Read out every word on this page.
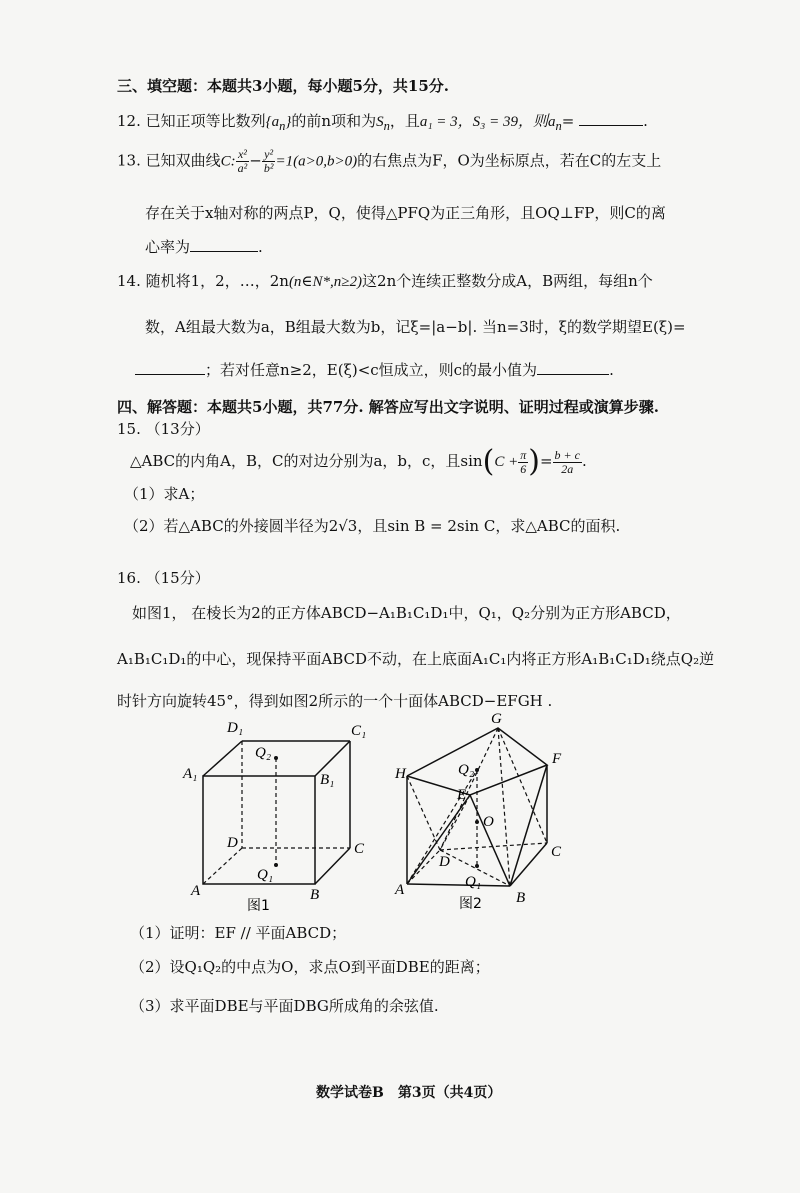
三、填空题：本题共3小题，每小题5分，共15分.
12. 已知正项等比数列$\{a_n\}$的前n项和为$S_n$，且a₁ = 3，S₃ = 39，则$a_n=$	.
13. 已知双曲线C: $\frac{\text{x²}}{\text{a²}} - \frac{\text{y²}}{\text{b²}} =1(a>0,b>0)$的右焦点为F，O为坐标原点，若在C的左支上
存在关于x轴对称的两点P，Q，使得△PFQ为正三角形，且OQ⊥FP，则C的离
心率为	.
14. 随机将1，2，…，2n(n∈N*,n≥2)这2n个连续正整数分成A，B两组，每组n个
数，A组最大数为a，B组最大数为b，记ξ=|a−b|. 当n=3时，ξ的数学期望E(ξ)=
；若对任意n≥2，E(ξ)<c恒成立，则c的最小值为	.
四、解答题：本题共5小题，共77分. 解答应写出文字说明、证明过程或演算步骤.
15. （13分）
△ABC的内角A，B，C的对边分别为a，b，c，且$\sin(C + \frac{\pi}{6}$ )= $\frac{b + c}{2a}$ .
（1）求A；
（2）若△ABC的外接圆半径为2√3，且sin B = 2sin C，求△ABC的面积.
16. （15分）
如图1， 在棱长为2的正方体ABCD−A₁B₁C₁D₁中，Q₁，Q₂分别为正方形ABCD，
A₁B₁C₁D₁的中心，现保持平面ABCD不动，在上底面A₁C₁内将正方形A₁B₁C₁D₁绕点Q₂逆
时针方向旋转45°，得到如图2所示的一个十面体ABCD−EFGH .
D₁	C₁
A₁	B₁
Q₂
D	C
A	B
Q₁
图1
G
H
F
E
Q₂
O
D
C
A	B
Q₁
图2
（1）证明：EF // 平面ABCD；
（2）设Q₁Q₂的中点为O，求点O到平面DBE的距离；
（3）求平面DBE与平面DBG所成角的余弦值.
数学试卷B　第3页（共4页）
